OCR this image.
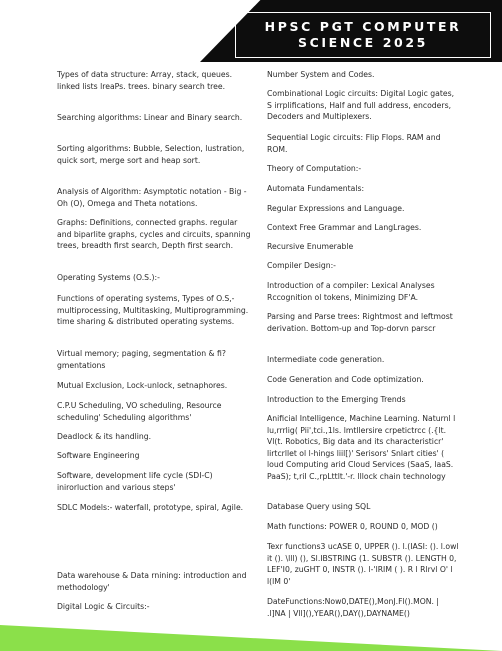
HPSC PGT COMPUTER
SCIENCE 2025
Types of data structure: Array, stack, queues. linked lists lreaPs. trees. binary search tree.
Searching algorithms: Linear and Binary search.
Sorting algorithms: Bubble, Selection, lustration, quick sort, merge sort and heap sort.
Analysis of Algorithm: Asymptotic notation - Big - Oh (O), Omega and Theta notations.
Graphs: Definitions, connected graphs. regular and biparlite graphs, cycles and circuits, spanning trees, breadth first search, Depth first search.
Operating Systems (O.S.):-
Functions of operating systems, Types of O.S,- multiprocessing, Multitasking, Multiprogramming. time sharing & distributed operating systems.
Virtual memory; paging, segmentation & fi?gmentations
Mutual Exclusion, Lock-unlock, setnaphores.
C.P.U Scheduling, VO scheduling, Resource scheduling' Scheduling algorithms'
Deadlock & its handling.
Software Engineering
Software, development life cycle (SDI-C) inirorluction and various steps'
SDLC Models:- waterfall, prototype, spiral, Agile.
Data warehouse & Data rnining: introduction and methodology'
Digital Logic & Circuits:-
Number System and Codes.
Combinational Logic circuits: Digital Logic gates, S irrplifications, Half and full address, encoders, Decoders and Multiplexers.
Sequential Logic circuits: Flip Flops. RAM and ROM.
Theory of Computation:-
Automata Fundamentals:
Regular Expressions and Language.
Context Free Grammar and LangLrages.
Recursive Enumerable
Compiler Design:-
Introduction of a compiler: Lexical Analyses Rccognition ol tokens, Minimizing DF'A.
Parsing and Parse trees: Rightmost and leftmost derivation. Bottom-up and Top-dorvn parscr
Intermediate code generation.
Code Generation and Code optimization.
Introduction to the Emerging Trends
Anificial Intelligence, Machine Learning. Naturnl l lu,rrrlig( Pii',tci.,1ls. lmtllersire crpetictrcc (.{lt. Vl(t. Robotics, Big data and its characteristicr' lirtcrllet ol l-hings liil[)' Serisors' Snlart cities' ( loud Computing arid Cloud Services (SaaS, laaS. PaaS); t,riI C.,rpLttlt.'-r. lllock chain technology
Database Query using SQL
Math functions: POWER 0, ROUND 0, MOD ()
Texr functions3 ucASE 0, UPPER (). l.(IASI: (). l.owl it (). \lll) (), Sl.IBSTRING (1. SUBSTR (). LENGTH 0, LEF'I0, zuGHT 0, INSTR (). l-'lRIM ( ). R l Rlrvl O' l l(lM 0'
DateFunctions:Now0,DATE(),MonJ.Fl().MON. | .l]NA | Vll](),YEAR(),DAY(),DAYNAME()
